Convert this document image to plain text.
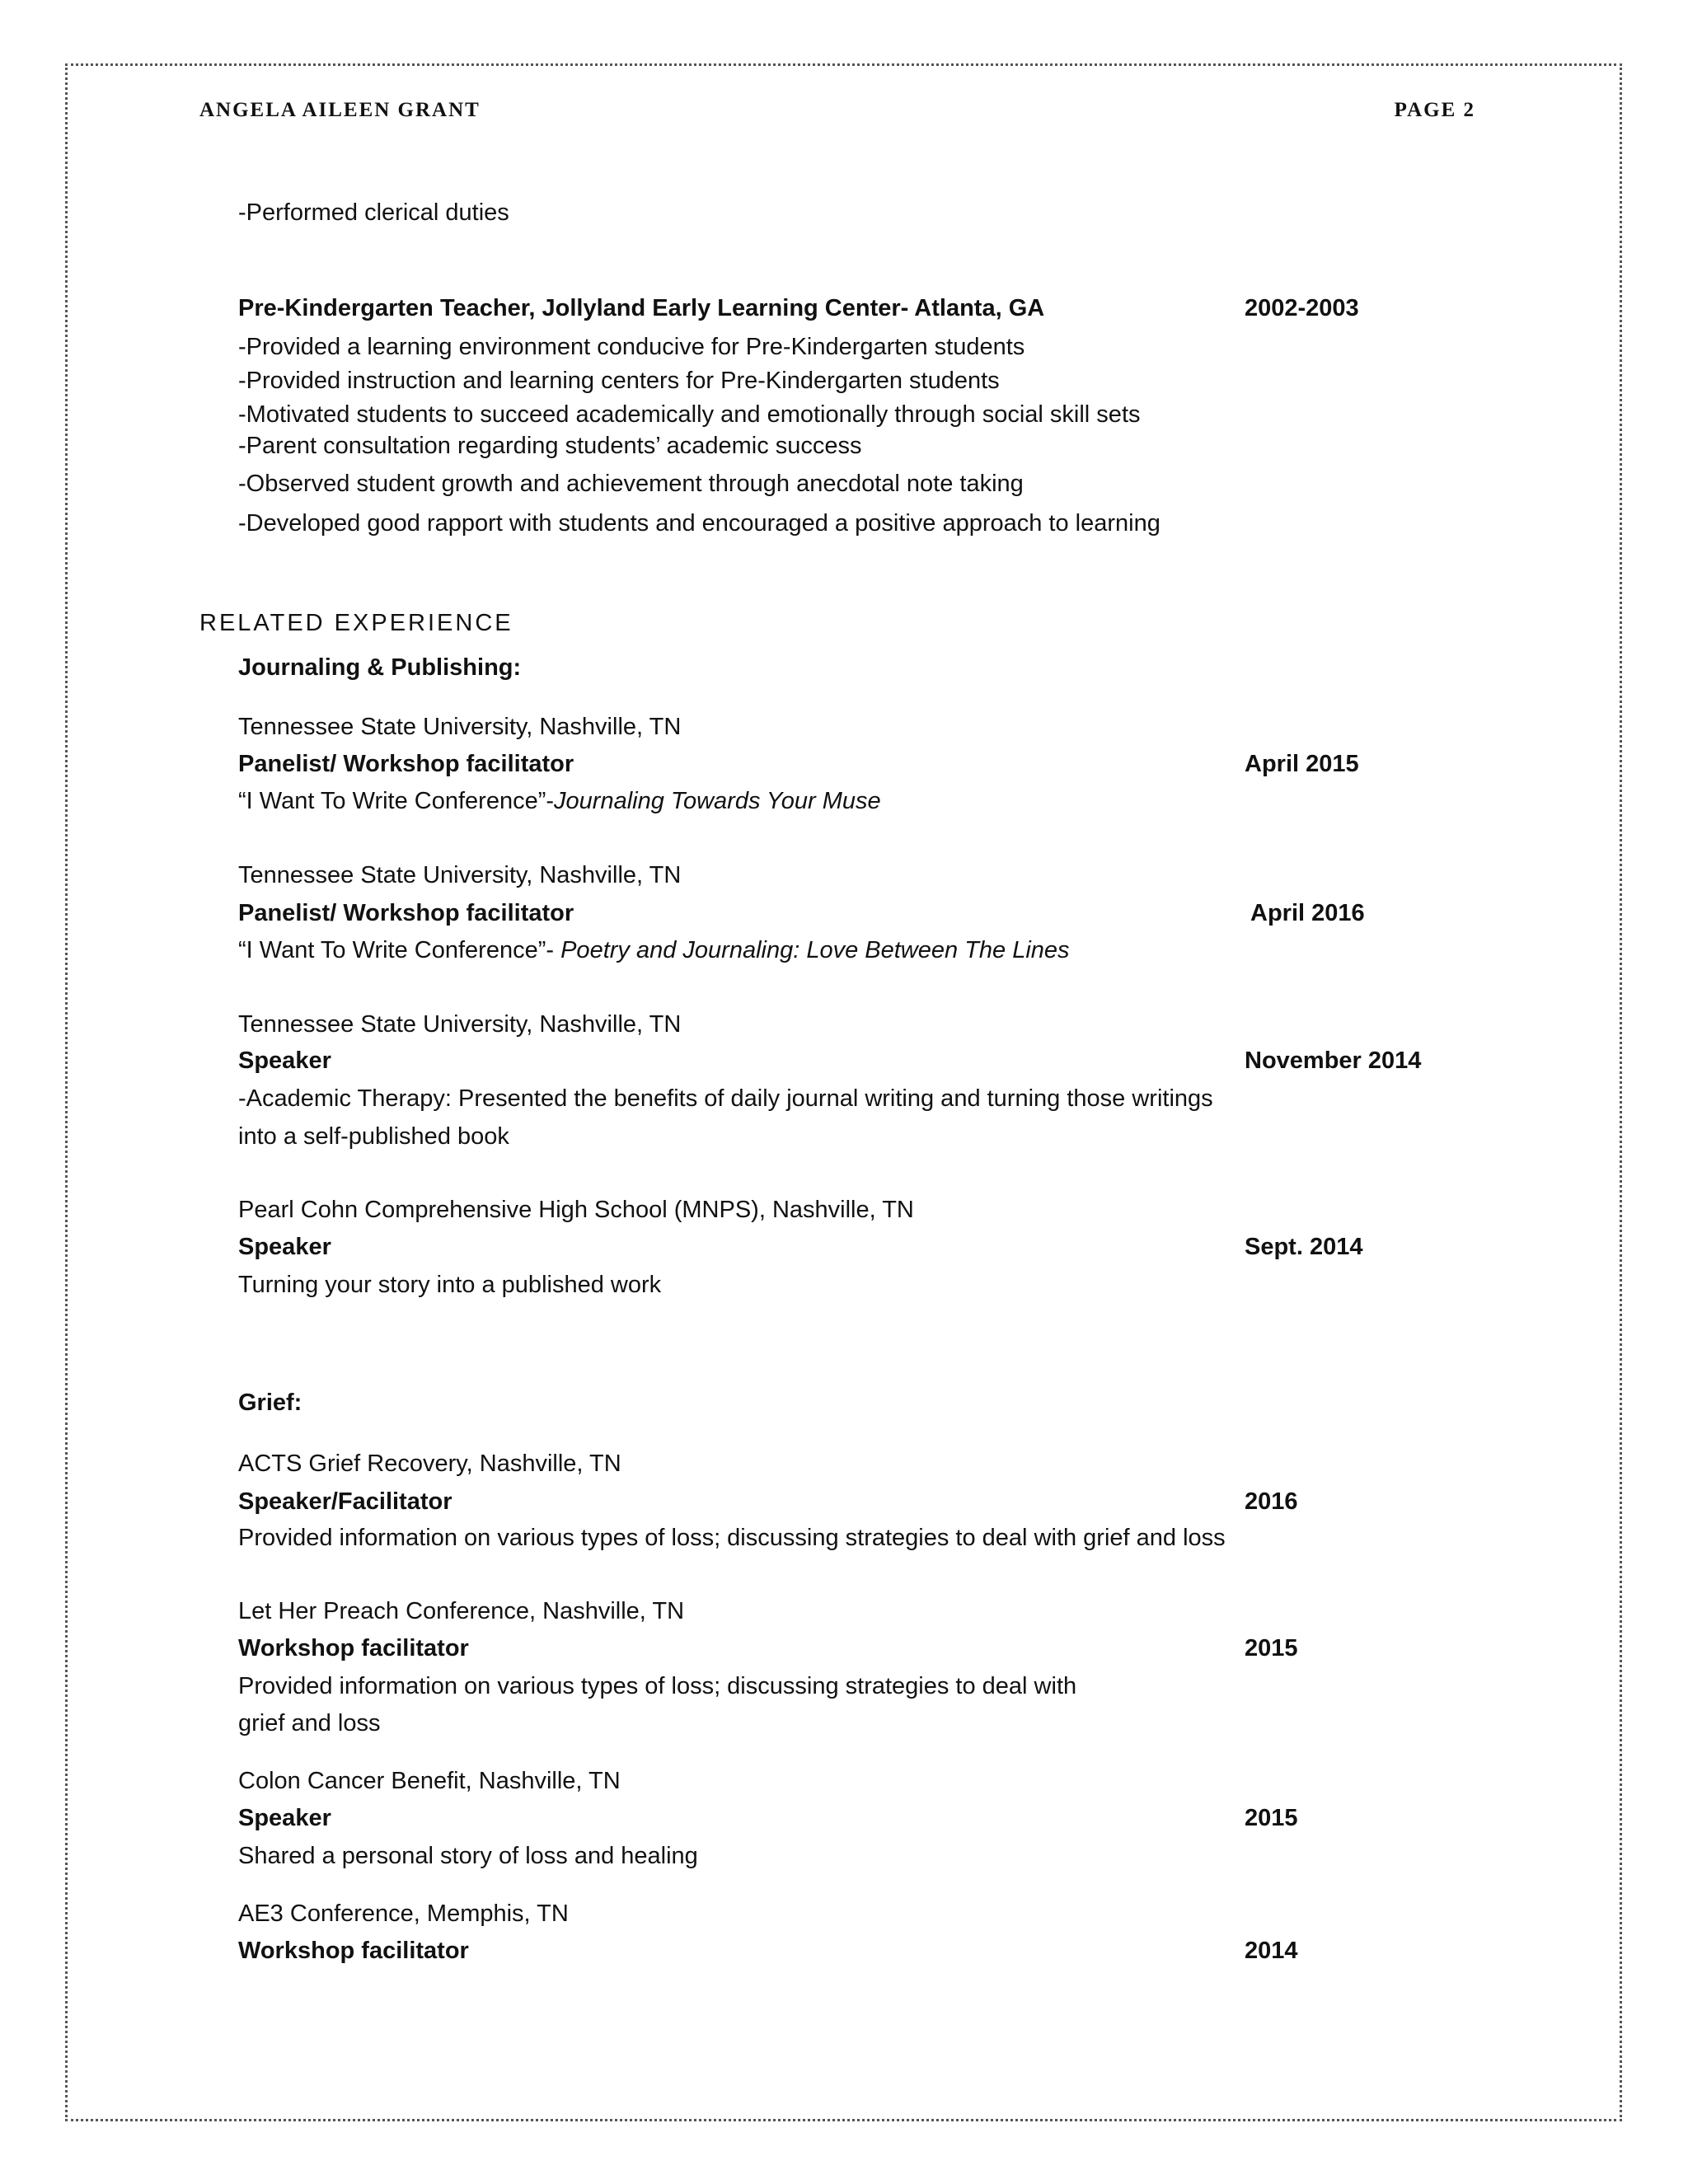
ANGELA AILEEN GRANT	PAGE 2
-Performed clerical duties
Pre-Kindergarten Teacher, Jollyland Early Learning Center- Atlanta, GA	2002-2003
-Provided a learning environment conducive for Pre-Kindergarten students
-Provided instruction and learning centers for Pre-Kindergarten students
-Motivated students to succeed academically and emotionally through social skill sets
-Parent consultation regarding students’ academic success
-Observed student growth and achievement through anecdotal note taking
-Developed good rapport with students and encouraged a positive approach to learning
RELATED EXPERIENCE
Journaling & Publishing:
Tennessee State University, Nashville, TN
Panelist/ Workshop facilitator	April 2015
“I Want To Write Conference”-Journaling Towards Your Muse
Tennessee State University, Nashville, TN
Panelist/ Workshop facilitator	April 2016
“I Want To Write Conference”- Poetry and Journaling: Love Between The Lines
Tennessee State University, Nashville, TN
Speaker	November 2014
-Academic Therapy: Presented the benefits of daily journal writing and turning those writings
into a self-published book
Pearl Cohn Comprehensive High School (MNPS), Nashville, TN
Speaker	Sept. 2014
Turning your story into a published work
Grief:
ACTS Grief Recovery, Nashville, TN
Speaker/Facilitator	2016
Provided information on various types of loss; discussing strategies to deal with grief and loss
Let Her Preach Conference, Nashville, TN
Workshop facilitator	2015
Provided information on various types of loss; discussing strategies to deal with
grief and loss
Colon Cancer Benefit, Nashville, TN
Speaker	2015
Shared a personal story of loss and healing
AE3 Conference, Memphis, TN
Workshop facilitator	2014
